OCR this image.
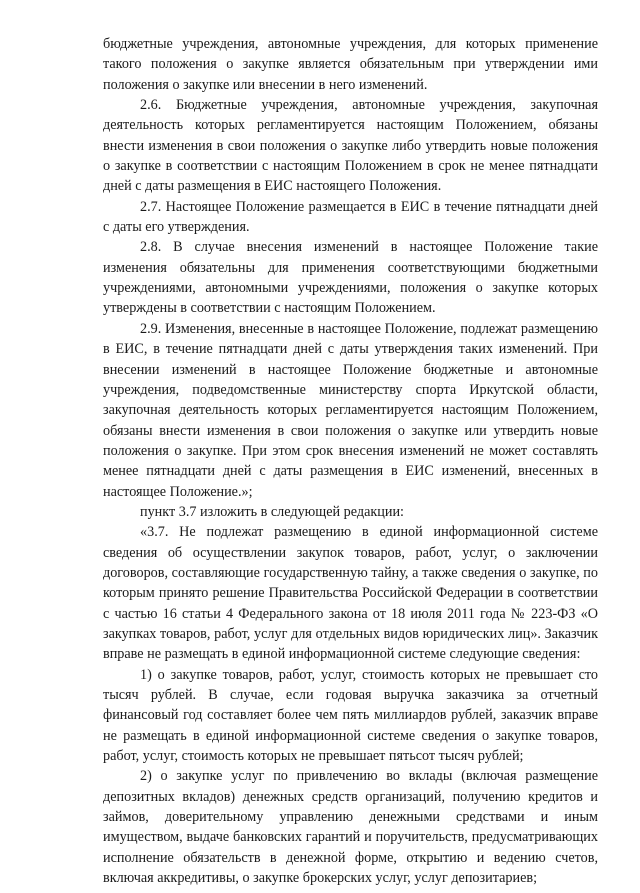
бюджетные учреждения, автономные учреждения, для которых применение такого положения о закупке является обязательным при утверждении ими положения о закупке или внесении в него изменений.

2.6. Бюджетные учреждения, автономные учреждения, закупочная деятельность которых регламентируется настоящим Положением, обязаны внести изменения в свои положения о закупке либо утвердить новые положения о закупке в соответствии с настоящим Положением в срок не менее пятнадцати дней с даты размещения в ЕИС настоящего Положения.

2.7. Настоящее Положение размещается в ЕИС в течение пятнадцати дней с даты его утверждения.

2.8. В случае внесения изменений в настоящее Положение такие изменения обязательны для применения соответствующими бюджетными учреждениями, автономными учреждениями, положения о закупке которых утверждены в соответствии с настоящим Положением.

2.9. Изменения, внесенные в настоящее Положение, подлежат размещению в ЕИС, в течение пятнадцати дней с даты утверждения таких изменений. При внесении изменений в настоящее Положение бюджетные и автономные учреждения, подведомственные министерству спорта Иркутской области, закупочная деятельность которых регламентируется настоящим Положением, обязаны внести изменения в свои положения о закупке или утвердить новые положения о закупке. При этом срок внесения изменений не может составлять менее пятнадцати дней с даты размещения в ЕИС изменений, внесенных в настоящее Положение.»;

пункт 3.7 изложить в следующей редакции:

«3.7. Не подлежат размещению в единой информационной системе сведения об осуществлении закупок товаров, работ, услуг, о заключении договоров, составляющие государственную тайну, а также сведения о закупке, по которым принято решение Правительства Российской Федерации в соответствии с частью 16 статьи 4 Федерального закона от 18 июля 2011 года № 223-ФЗ «О закупках товаров, работ, услуг для отдельных видов юридических лиц». Заказчик вправе не размещать в единой информационной системе следующие сведения:

1) о закупке товаров, работ, услуг, стоимость которых не превышает сто тысяч рублей. В случае, если годовая выручка заказчика за отчетный финансовый год составляет более чем пять миллиардов рублей, заказчик вправе не размещать в единой информационной системе сведения о закупке товаров, работ, услуг, стоимость которых не превышает пятьсот тысяч рублей;

2) о закупке услуг по привлечению во вклады (включая размещение депозитных вкладов) денежных средств организаций, получению кредитов и займов, доверительному управлению денежными средствами и иным имуществом, выдаче банковских гарантий и поручительств, предусматривающих исполнение обязательств в денежной форме, открытию и ведению счетов, включая аккредитивы, о закупке брокерских услуг, услуг депозитариев;
